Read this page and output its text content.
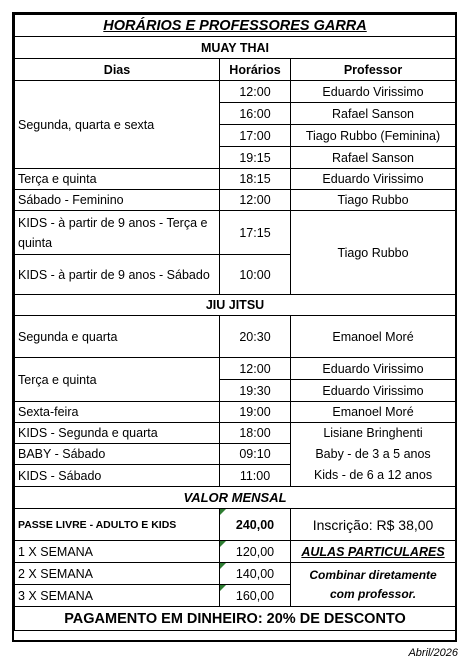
HORÁRIOS E PROFESSORES GARRA		
MUAY THAI		
Dias	Horários	Professor
Segunda, quarta e sexta	12:00	Eduardo Virissimo
	16:00	Rafael Sanson
	17:00	Tiago Rubbo (Feminina)
	19:15	Rafael Sanson
Terça e quinta	18:15	Eduardo Virissimo
Sábado - Feminino	12:00	Tiago Rubbo
KIDS - à partir de 9 anos - Terça e quinta	17:15	Tiago Rubbo
KIDS - à partir de 9 anos - Sábado	10:00	
JIU JITSU		
Segunda e quarta	20:30	Emanoel Moré
Terça e quinta	12:00	Eduardo Virissimo
	19:30	Eduardo Virissimo
Sexta-feira	19:00	Emanoel Moré
KIDS - Segunda e quarta	18:00	Lisiane Bringhenti
BABY - Sábado	09:10	Baby - de 3 a 5 anos
KIDS - Sábado	11:00	Kids - de 6 a 12 anos
VALOR MENSAL		
PASSE LIVRE - ADULTO E KIDS	240,00	Inscrição: R$ 38,00
1 X SEMANA	120,00	AULAS PARTICULARES
2 X SEMANA	140,00	Combinar diretamente
com professor.

3 X SEMANA	160,00	
PAGAMENTO EM DINHEIRO: 20% DE DESCONTO		
Abril/2026
